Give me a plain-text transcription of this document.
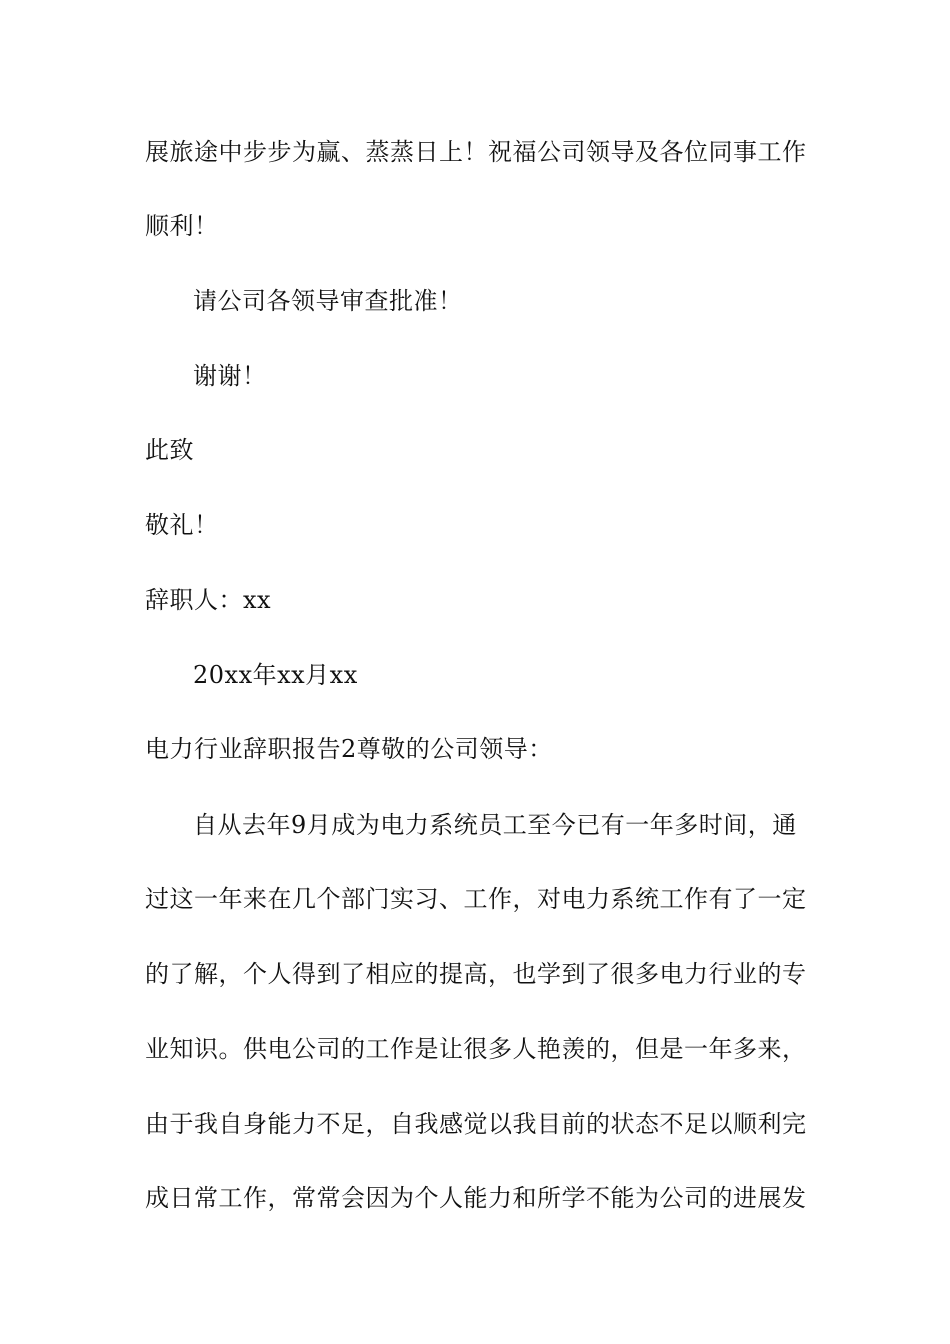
展旅途中步步为赢、蒸蒸日上！祝福公司领导及各位同事工作
顺利！
请公司各领导审查批准！
谢谢！
此致
敬礼！
辞职人：xx
20xx年xx月xx
电力行业辞职报告2尊敬的公司领导：
自从去年9月成为电力系统员工至今已有一年多时间，通
过这一年来在几个部门实习、工作，对电力系统工作有了一定
的了解，个人得到了相应的提高，也学到了很多电力行业的专
业知识。供电公司的工作是让很多人艳羡的，但是一年多来，
由于我自身能力不足，自我感觉以我目前的状态不足以顺利完
成日常工作，常常会因为个人能力和所学不能为公司的进展发
